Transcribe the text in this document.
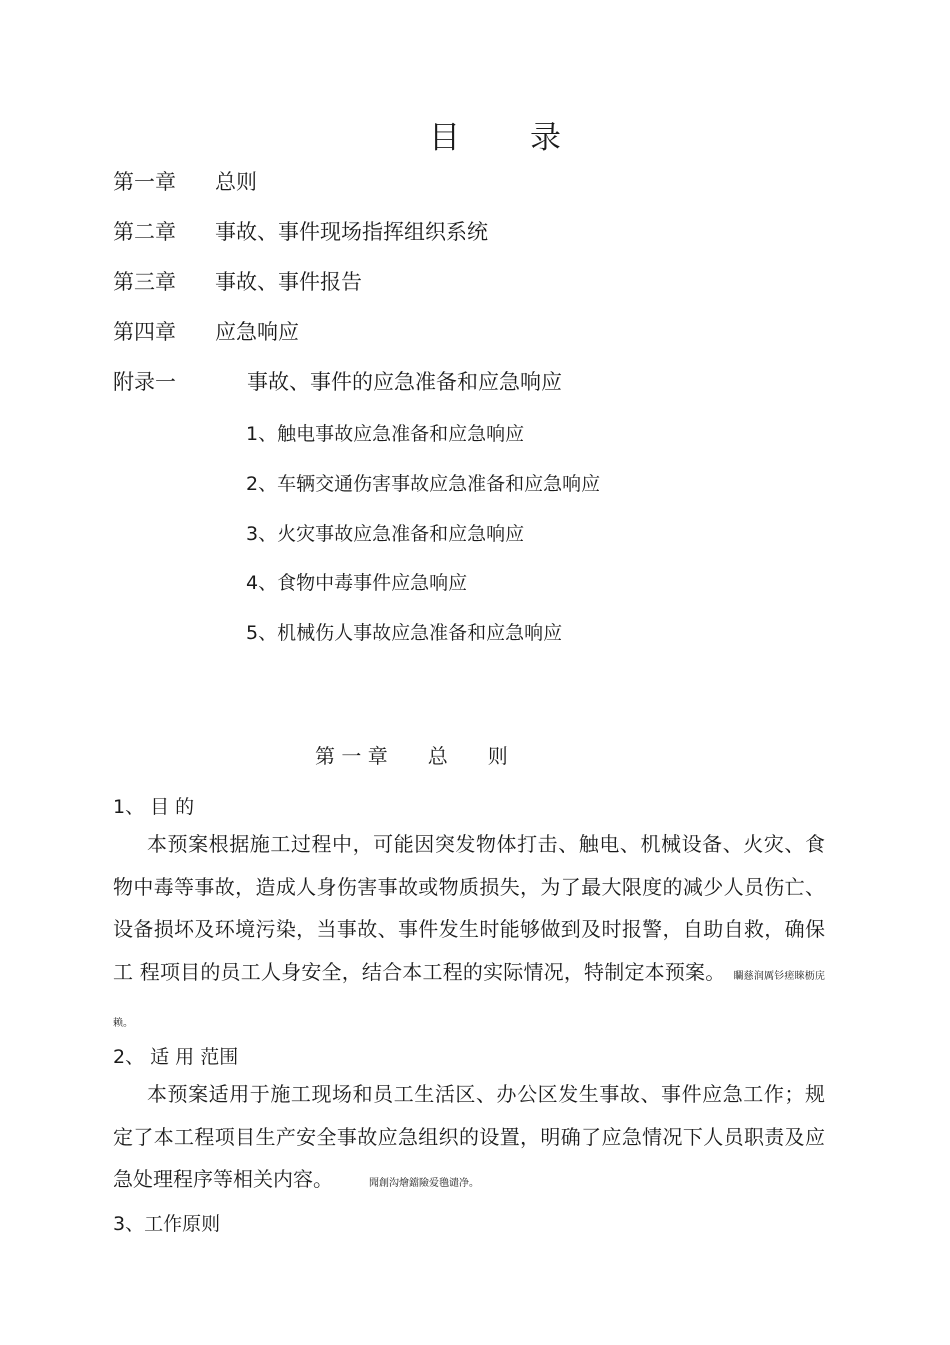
目 录
第一章 总则
第二章 事故、事件现场指挥组织系统
第三章 事故、事件报告
第四章 应急响应
附录一	事故、事件的应急准备和应急响应
1、触电事故应急准备和应急响应
2、车辆交通伤害事故应急准备和应急响应
3、火灾事故应急准备和应急响应
4、食物中毒事件应急响应
5、机械伤人事故应急准备和应急响应
第 一 章 总 则
1、 目 的
本预案根据施工过程中，可能因突发物体打击、触电、机械设备、火灾、食物中毒等事故，造成人身伤害事故或物质损失，为了最大限度的减少人员伤亡、设备损坏及环境污染，当事故、事件发生时能够做到及时报警，自助自救，确保工 程项目的员工人身安全，结合本工程的实际情况，特制定本预案。 矙慈润厲钐瘥睞枥庑赖。
2、 适 用 范围
本预案适用于施工现场和员工生活区、办公区发生事故、事件应急工作；规定了本工程项目生产安全事故应急组织的设置，明确了应急情况下人员职责及应急处理程序等相关内容。	聞創沟燴鐺險爱氇谴净。
3、工作原则
